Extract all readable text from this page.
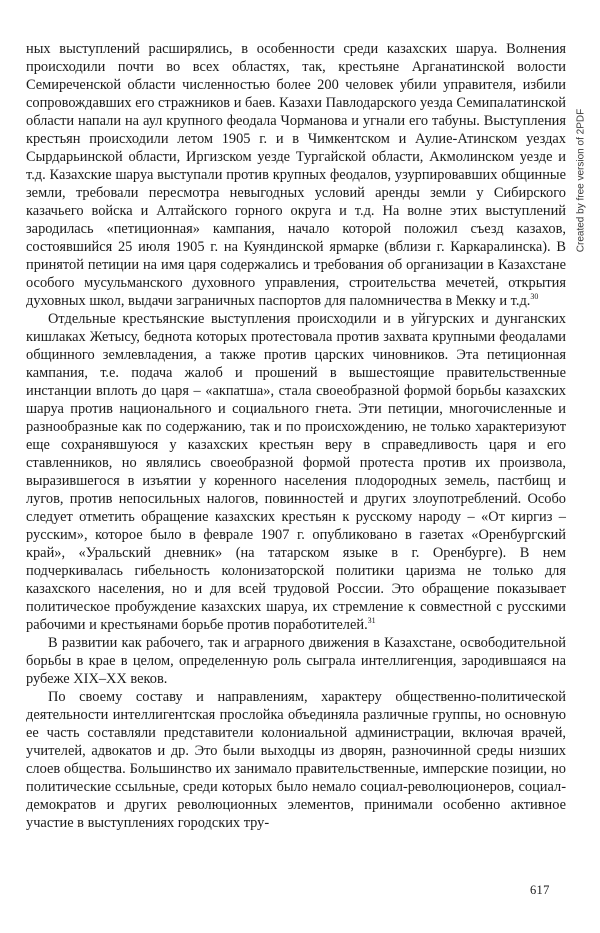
ных выступлений расширялись, в особенности среди казахских шаруа. Волнения происходили почти во всех областях, так, крестьяне Арганатинской волости Семиреченской области численностью более 200 человек убили управителя, избили сопровождавших его стражников и баев. Казахи Павлодарского уезда Семипалатинской области напали на аул крупного феодала Чорманова и угнали его табуны. Выступления крестьян происходили летом 1905 г. и в Чимкентском и Аулие-Атинском уездах Сырдарьинской области, Иргизском уезде Тургайской области, Акмолинском уезде и т.д. Казахские шаруа выступали против крупных феодалов, узурпировавших общинные земли, требовали пересмотра невыгодных условий аренды земли у Сибирского казачьего войска и Алтайского горного округа и т.д. На волне этих выступлений зародилась «петиционная» кампания, начало которой положил съезд казахов, состоявшийся 25 июля 1905 г. на Куяндинской ярмарке (вблизи г. Каркаралинска). В принятой петиции на имя царя содержались и требования об организации в Казахстане особого мусульманского духовного управления, строительства мечетей, открытия духовных школ, выдачи заграничных паспортов для паломничества в Мекку и т.д.$^{30}$

Отдельные крестьянские выступления происходили и в уйгурских и дунганских кишлаках Жетысу, беднота которых протестовала против захвата крупными феодалами общинного землевладения, а также против царских чиновников. Эта петиционная кампания, т.е. подача жалоб и прошений в вышестоящие правительственные инстанции вплоть до царя – «акпатша», стала своеобразной формой борьбы казахских шаруа против национального и социального гнета. Эти петиции, многочисленные и разнообразные как по содержанию, так и по происхождению, не только характеризуют еще сохранявшуюся у казахских крестьян веру в справедливость царя и его ставленников, но являлись своеобразной формой протеста против их произвола, выразившегося в изъятии у коренного населения плодородных земель, пастбищ и лугов, против непосильных налогов, повинностей и других злоупотреблений. Особо следует отметить обращение казахских крестьян к русскому народу – «От киргиз – русским», которое было в феврале 1907 г. опубликовано в газетах «Оренбургский край», «Уральский дневник» (на татарском языке в г. Оренбурге). В нем подчеркивалась гибельность колонизаторской политики царизма не только для казахского населения, но и для всей трудовой России. Это обращение показывает политическое пробуждение казахских шаруа, их стремление к совместной с русскими рабочими и крестьянами борьбе против поработителей.$^{31}$

В развитии как рабочего, так и аграрного движения в Казахстане, освободительной борьбы в крае в целом, определенную роль сыграла интеллигенция, зародившаяся на рубеже XIX–XX веков.

По своему составу и направлениям, характеру общественно-политической деятельности интеллигентская прослойка объединяла различные группы, но основную ее часть составляли представители колониальной администрации, включая врачей, учителей, адвокатов и др. Это были выходцы из дворян, разночинной среды низших слоев общества. Большинство их занимало правительственные, имперские позиции, но политические ссыльные, среди которых было немало социал-революционеров, социал-демократов и других революционных элементов, принимали особенно активное участие в выступлениях городских тру-

617
Created by free version of 2PDF
